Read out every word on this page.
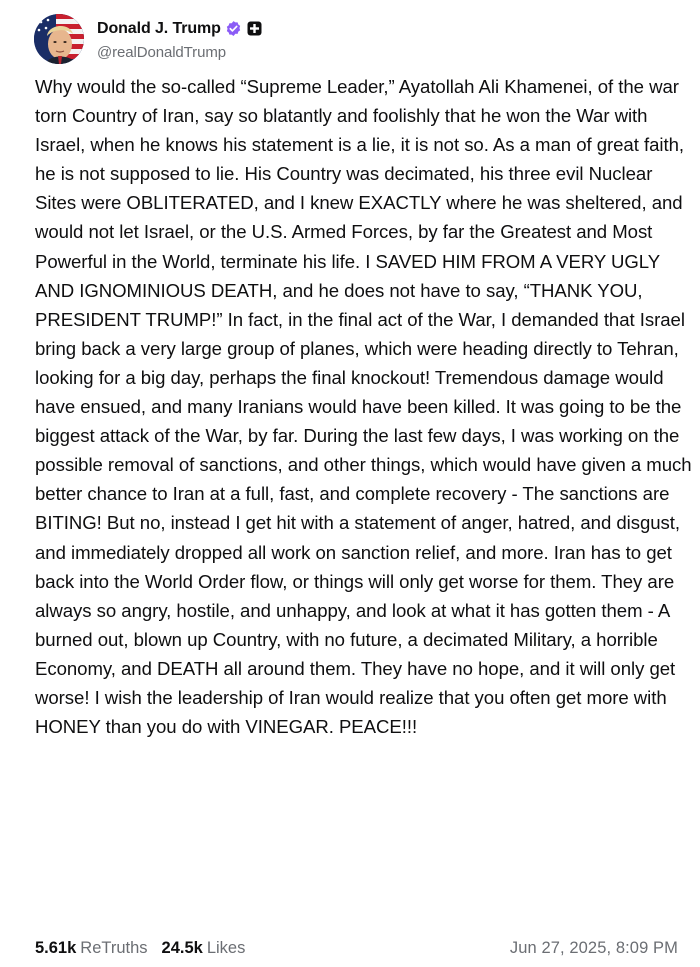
Donald J. Trump
@realDonaldTrump
Why would the so-called “Supreme Leader,” Ayatollah Ali Khamenei, of the war torn Country of Iran, say so blatantly and foolishly that he won the War with Israel, when he knows his statement is a lie, it is not so. As a man of great faith, he is not supposed to lie. His Country was decimated, his three evil Nuclear Sites were OBLITERATED, and I knew EXACTLY where he was sheltered, and would not let Israel, or the U.S. Armed Forces, by far the Greatest and Most Powerful in the World, terminate his life. I SAVED HIM FROM A VERY UGLY AND IGNOMINIOUS DEATH, and he does not have to say, “THANK YOU, PRESIDENT TRUMP!” In fact, in the final act of the War, I demanded that Israel bring back a very large group of planes, which were heading directly to Tehran, looking for a big day, perhaps the final knockout! Tremendous damage would have ensued, and many Iranians would have been killed. It was going to be the biggest attack of the War, by far. During the last few days, I was working on the possible removal of sanctions, and other things, which would have given a much better chance to Iran at a full, fast, and complete recovery - The sanctions are BITING! But no, instead I get hit with a statement of anger, hatred, and disgust, and immediately dropped all work on sanction relief, and more. Iran has to get back into the World Order flow, or things will only get worse for them. They are always so angry, hostile, and unhappy, and look at what it has gotten them - A burned out, blown up Country, with no future, a decimated Military, a horrible Economy, and DEATH all around them. They have no hope, and it will only get worse! I wish the leadership of Iran would realize that you often get more with HONEY than you do with VINEGAR. PEACE!!!
5.61k ReTruths 24.5k Likes	Jun 27, 2025, 8:09 PM
